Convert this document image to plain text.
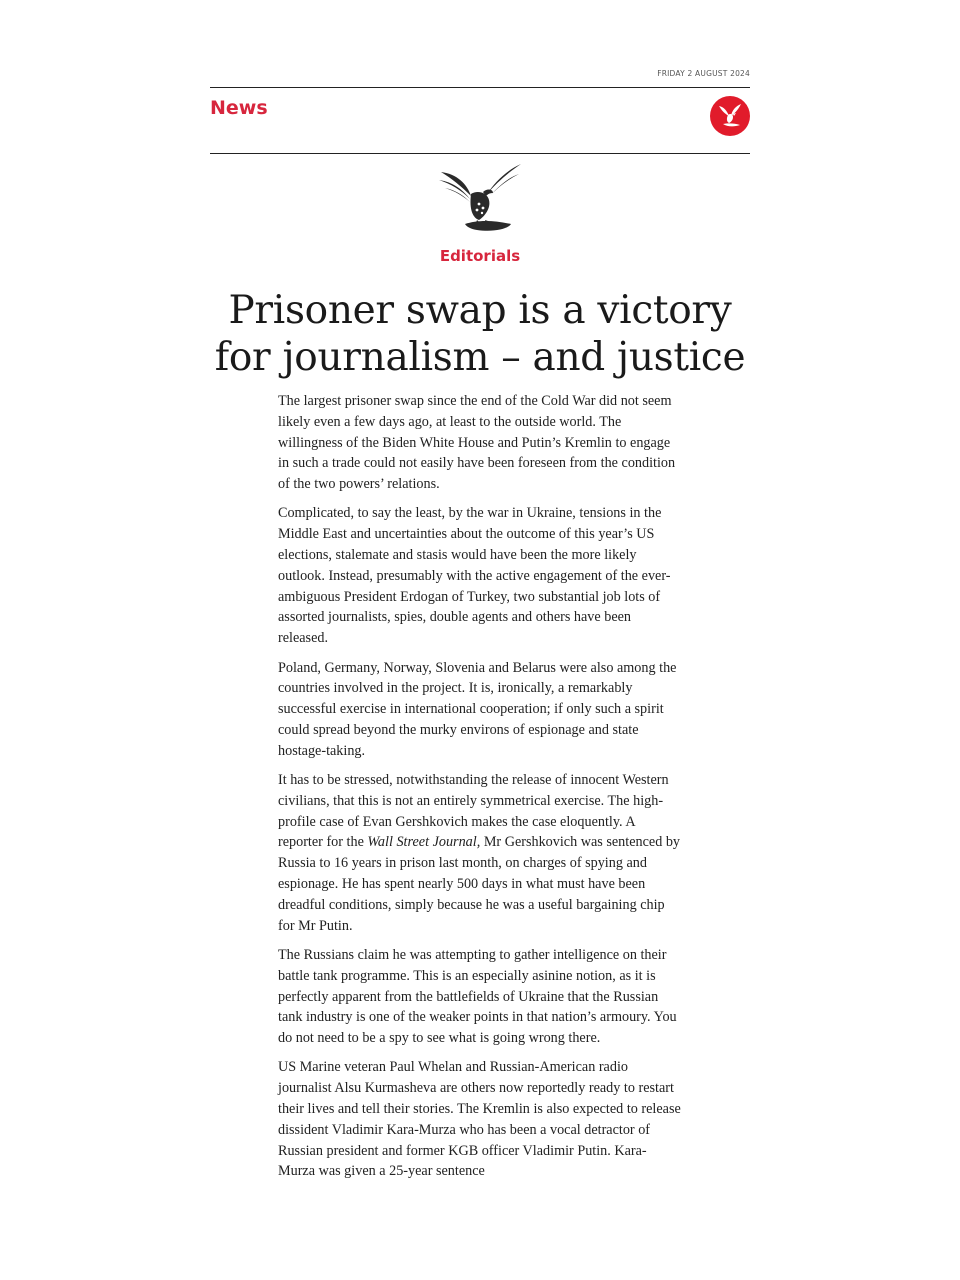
FRIDAY 2 AUGUST 2024
News
Editorials
Prisoner swap is a victory
for journalism – and justice

The largest prisoner swap since the end of the Cold War did not seem likely even a few days ago, at least to the outside world. The willingness of the Biden White House and Putin’s Kremlin to engage in such a trade could not easily have been foreseen from the condition of the two powers’ relations.

Complicated, to say the least, by the war in Ukraine, tensions in the Middle East and uncertainties about the outcome of this year’s US elections, stalemate and stasis would have been the more likely outlook. Instead, presumably with the active engagement of the ever-ambiguous President Erdogan of Turkey, two substantial job lots of assorted journalists, spies, double agents and others have been released.

Poland, Germany, Norway, Slovenia and Belarus were also among the countries involved in the project. It is, ironically, a remarkably successful exercise in international cooperation; if only such a spirit could spread beyond the murky environs of espionage and state hostage-taking.

It has to be stressed, notwithstanding the release of innocent Western civilians, that this is not an entirely symmetrical exercise. The high-profile case of Evan Gershkovich makes the case eloquently. A reporter for the Wall Street Journal, Mr Gershkovich was sentenced by Russia to 16 years in prison last month, on charges of spying and espionage. He has spent nearly 500 days in what must have been dreadful conditions, simply because he was a useful bargaining chip for Mr Putin.

The Russians claim he was attempting to gather intelligence on their battle tank programme. This is an especially asinine notion, as it is perfectly apparent from the battlefields of Ukraine that the Russian tank industry is one of the weaker points in that nation’s armoury. You do not need to be a spy to see what is going wrong there.

US Marine veteran Paul Whelan and Russian-American radio journalist Alsu Kurmasheva are others now reportedly ready to restart their lives and tell their stories. The Kremlin is also expected to release dissident Vladimir Kara-Murza who has been a vocal detractor of Russian president and former KGB officer Vladimir Putin. Kara-Murza was given a 25-year sentence
